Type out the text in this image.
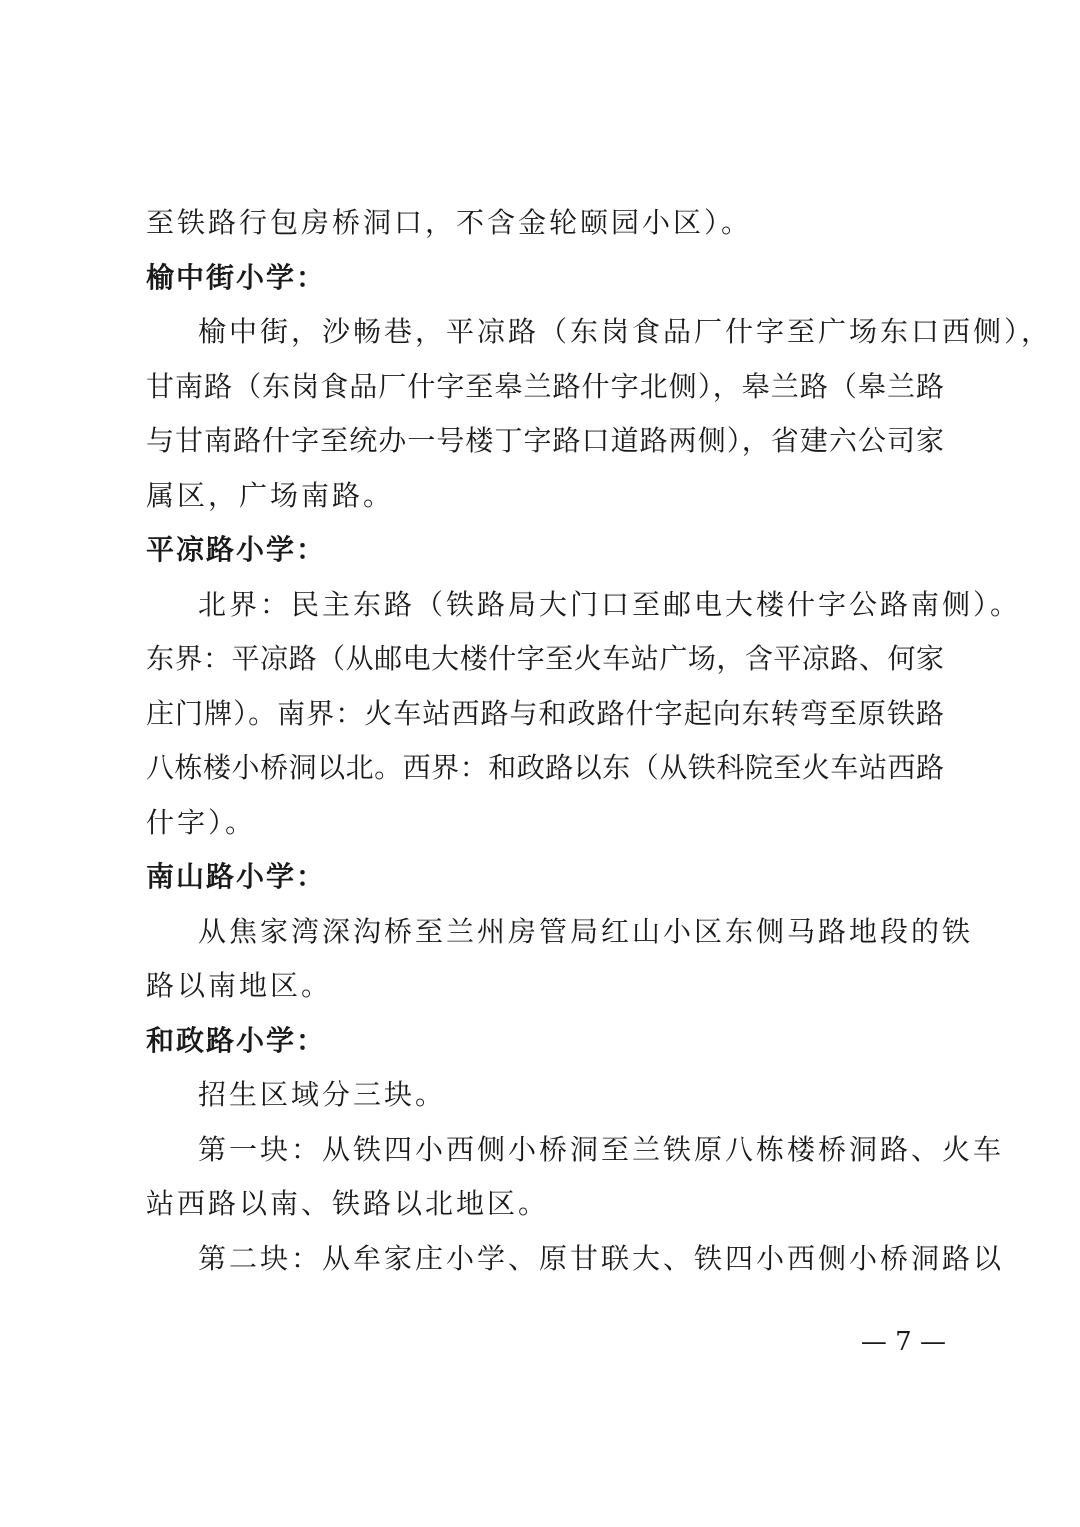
至铁路行包房桥洞口，不含金轮颐园小区）。
榆中街小学：
榆中街，沙畅巷，平凉路（东岗食品厂什字至广场东口西侧），
甘南路（东岗食品厂什字至皋兰路什字北侧），皋兰路（皋兰路
与甘南路什字至统办一号楼丁字路口道路两侧），省建六公司家
属区，广场南路。
平凉路小学：
北界：民主东路（铁路局大门口至邮电大楼什字公路南侧）。
东界：平凉路（从邮电大楼什字至火车站广场，含平凉路、何家
庄门牌）。南界：火车站西路与和政路什字起向东转弯至原铁路
八栋楼小桥洞以北。西界：和政路以东（从铁科院至火车站西路
什字）。
南山路小学：
从焦家湾深沟桥至兰州房管局红山小区东侧马路地段的铁
路以南地区。
和政路小学：
招生区域分三块。
第一块：从铁四小西侧小桥洞至兰铁原八栋楼桥洞路、火车
站西路以南、铁路以北地区。
第二块：从牟家庄小学、原甘联大、铁四小西侧小桥洞路以
— 7 —
